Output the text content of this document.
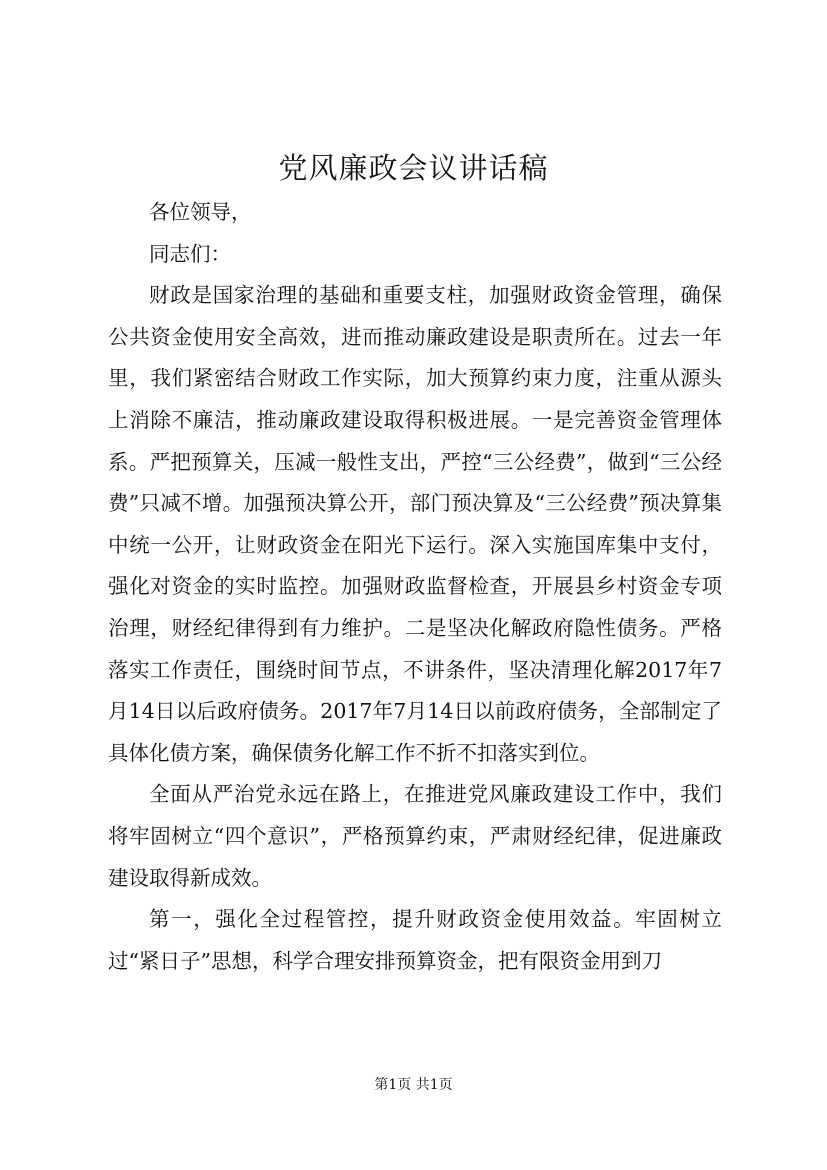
党风廉政会议讲话稿

各位领导，

同志们：

财政是国家治理的基础和重要支柱，加强财政资金管理，确保公共资金使用安全高效，进而推动廉政建设是职责所在。过去一年里，我们紧密结合财政工作实际，加大预算约束力度，注重从源头上消除不廉洁，推动廉政建设取得积极进展。一是完善资金管理体系。严把预算关，压减一般性支出，严控“三公经费”，做到“三公经费”只减不增。加强预决算公开，部门预决算及“三公经费”预决算集中统一公开，让财政资金在阳光下运行。深入实施国库集中支付，强化对资金的实时监控。加强财政监督检查，开展县乡村资金专项治理，财经纪律得到有力维护。二是坚决化解政府隐性债务。严格落实工作责任，围绕时间节点，不讲条件，坚决清理化解2017年7月14日以后政府债务。2017年7月14日以前政府债务，全部制定了具体化债方案，确保债务化解工作不折不扣落实到位。

全面从严治党永远在路上，在推进党风廉政建设工作中，我们将牢固树立“四个意识”，严格预算约束，严肃财经纪律，促进廉政建设取得新成效。

第一，强化全过程管控，提升财政资金使用效益。牢固树立过“紧日子”思想，科学合理安排预算资金，把有限资金用到刀

第1页 共1页
